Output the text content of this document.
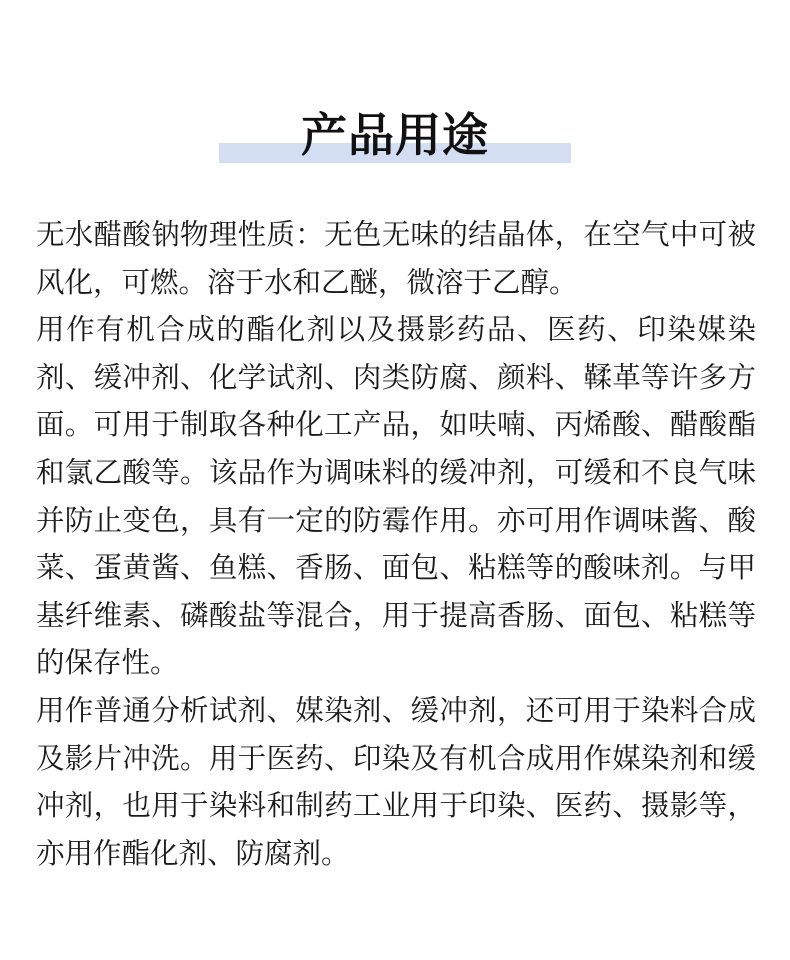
产品用途

无水醋酸钠物理性质：无色无味的结晶体，在空气中可被风化，可燃。溶于水和乙醚，微溶于乙醇。

用作有机合成的酯化剂以及摄影药品、医药、印染媒染剂、缓冲剂、化学试剂、肉类防腐、颜料、鞣革等许多方面。可用于制取各种化工产品，如呋喃、丙烯酸、醋酸酯和氯乙酸等。该品作为调味料的缓冲剂，可缓和不良气味并防止变色，具有一定的防霉作用。亦可用作调味酱、酸菜、蛋黄酱、鱼糕、香肠、面包、粘糕等的酸味剂。与甲基纤维素、磷酸盐等混合，用于提高香肠、面包、粘糕等的保存性。

用作普通分析试剂、媒染剂、缓冲剂，还可用于染料合成及影片冲洗。用于医药、印染及有机合成用作媒染剂和缓冲剂，也用于染料和制药工业用于印染、医药、摄影等，亦用作酯化剂、防腐剂。
